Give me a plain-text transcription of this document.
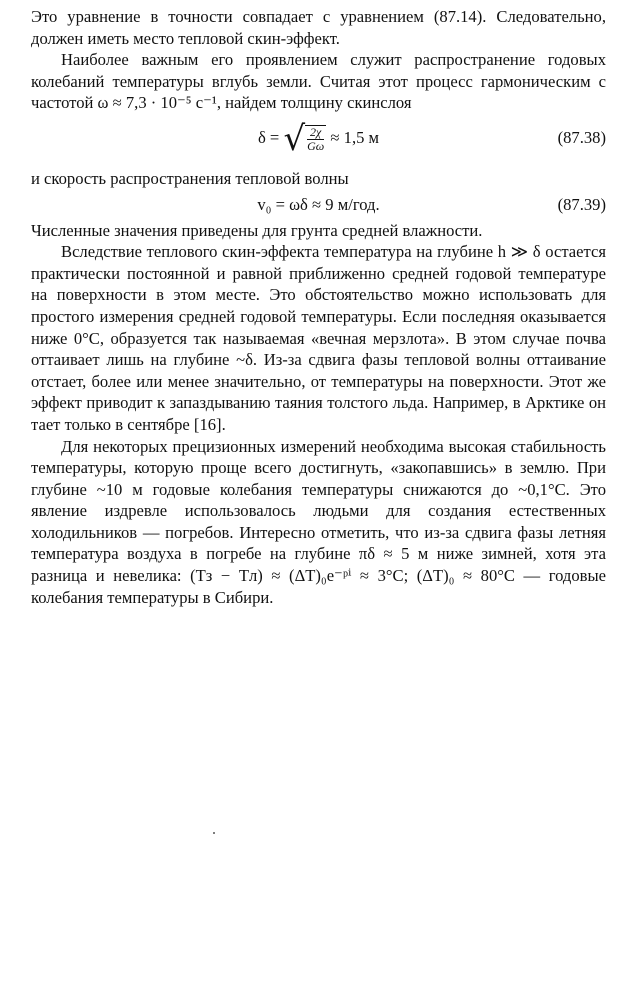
Это уравнение в точности совпадает с уравнением (87.14). Следовательно, должен иметь место тепловой скин-эффект.

Наиболее важным его проявлением служит распространение годовых колебаний температуры вглубь земли. Считая этот процесс гармоническим с частотой ω ≈ 7,3 · 10⁻⁵ с⁻¹, найдем толщину скинслоя

δ = √ $\frac{2\chi}{G\omega} \approx 1,5$ м	(87.38)

и скорость распространения тепловой волны

v₀ = ωδ ≈ 9 м/год.	(87.39)

Численные значения приведены для грунта средней влажности.

Вследствие теплового скин-эффекта температура на глубине h ≫ δ остается практически постоянной и равной приближенно средней годовой температуре на поверхности в этом месте. Это обстоятельство можно использовать для простого измерения средней годовой температуры. Если последняя оказывается ниже 0°C, образуется так называемая «вечная мерзлота». В этом случае почва оттаивает лишь на глубине ~δ. Из-за сдвига фазы тепловой волны оттаивание отстает, более или менее значительно, от температуры на поверхности. Этот же эффект приводит к запаздыванию таяния толстого льда. Например, в Арктике он тает только в сентябре [16].

Для некоторых прецизионных измерений необходима высокая стабильность температуры, которую проще всего достигнуть, «закопавшись» в землю. При глубине ~10 м годовые колебания температуры снижаются до ~0,1°C. Это явление издревле использовалось людьми для создания естественных холодильников — погребов. Интересно отметить, что из-за сдвига фазы летняя температура воздуха в погребе на глубине πδ ≈ 5 м ниже зимней, хотя эта разница и невелика: (Tз − Tл) ≈ (ΔT)₀e⁻ᵖⁱ ≈ 3°C; (ΔT)₀ ≈ 80°C — годовые колебания температуры в Сибири.
